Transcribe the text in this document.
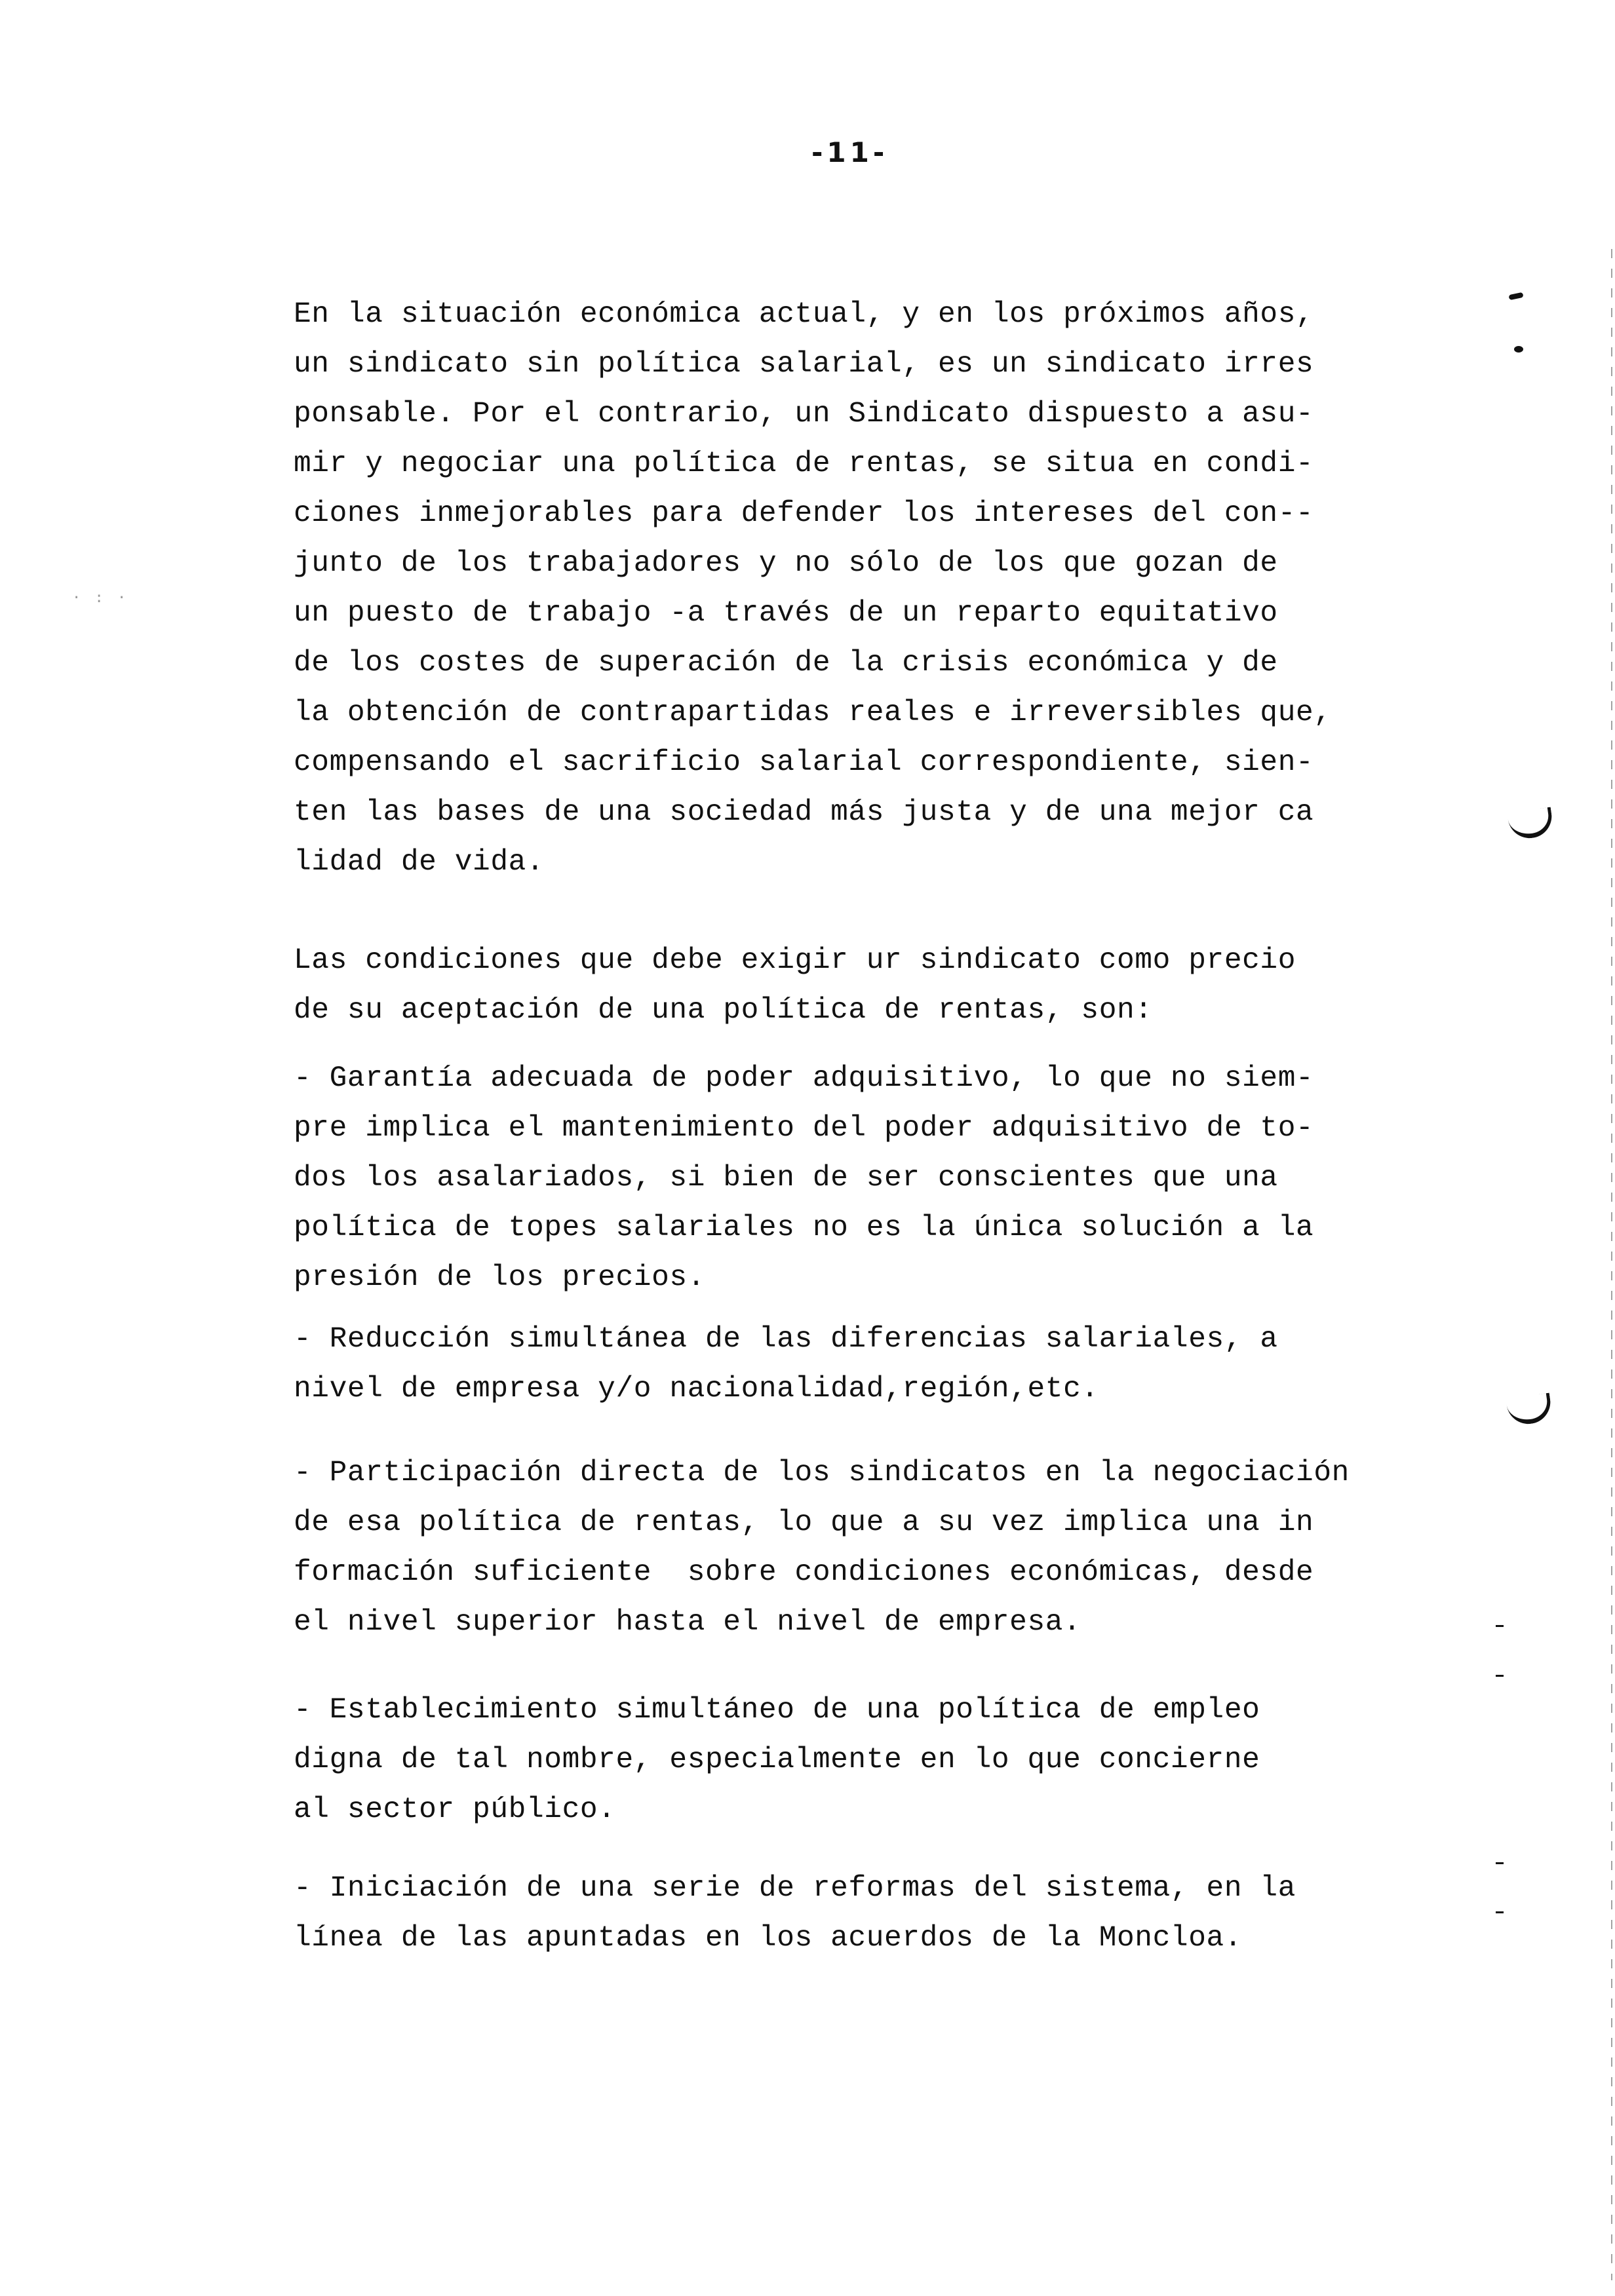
-11-
En la situación económica actual, y en los próximos años,
un sindicato sin política salarial, es un sindicato irres
ponsable. Por el contrario, un Sindicato dispuesto a asu-
mir y negociar una política de rentas, se situa en condi-
ciones inmejorables para defender los intereses del con--
junto de los trabajadores y no sólo de los que gozan de
un puesto de trabajo -a través de un reparto equitativo
de los costes de superación de la crisis económica y de
la obtención de contrapartidas reales e irreversibles que,
compensando el sacrificio salarial correspondiente, sien-
ten las bases de una sociedad más justa y de una mejor ca
lidad de vida.
Las condiciones que debe exigir ur sindicato como precio
de su aceptación de una política de rentas, son:
- Garantía adecuada de poder adquisitivo, lo que no siem-
pre implica el mantenimiento del poder adquisitivo de to-
dos los asalariados, si bien de ser conscientes que una
política de topes salariales no es la única solución a la
presión de los precios.
- Reducción simultánea de las diferencias salariales, a
nivel de empresa y/o nacionalidad,región,etc.
- Participación directa de los sindicatos en la negociación
de esa política de rentas, lo que a su vez implica una in
formación suficiente  sobre condiciones económicas, desde
el nivel superior hasta el nivel de empresa.
- Establecimiento simultáneo de una política de empleo
digna de tal nombre, especialmente en lo que concierne
al sector público.
- Iniciación de una serie de reformas del sistema, en la
línea de las apuntadas en los acuerdos de la Moncloa.
· : ·
